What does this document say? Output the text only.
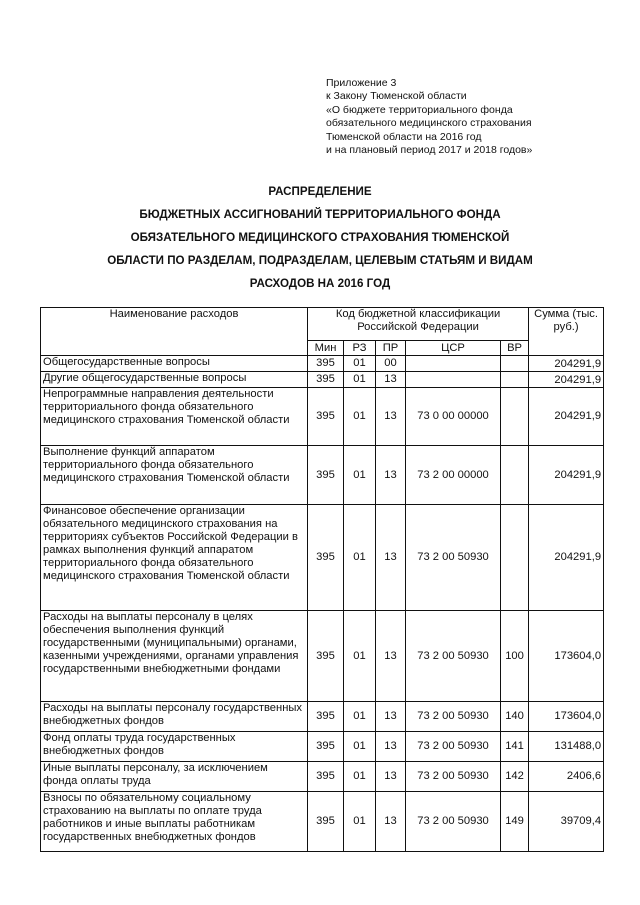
Приложение 3
к Закону Тюменской области
«О бюджете территориального фонда
обязательного медицинского страхования
Тюменской области на 2016 год
и на плановый период 2017 и 2018 годов»
РАСПРЕДЕЛЕНИЕ
БЮДЖЕТНЫХ АССИГНОВАНИЙ ТЕРРИТОРИАЛЬНОГО ФОНДА
ОБЯЗАТЕЛЬНОГО МЕДИЦИНСКОГО СТРАХОВАНИЯ ТЮМЕНСКОЙ
ОБЛАСТИ ПО РАЗДЕЛАМ, ПОДРАЗДЕЛАМ, ЦЕЛЕВЫМ СТАТЬЯМ И ВИДАМ
РАСХОДОВ НА 2016 ГОД
Наименование расходов	Код бюджетной классификации Российской Федерации					Сумма (тыс. руб.)
	Мин	РЗ	ПР	ЦСР	ВР	
Общегосударственные вопросы	395	01	00			204291,9
Другие общегосударственные вопросы	395	01	13			204291,9
Непрограммные направления деятельности территориального фонда обязательного медицинского страхования Тюменской области	395	01	13	73 0 00 00000		204291,9
Выполнение функций аппаратом территориального фонда обязательного медицинского страхования Тюменской области	395	01	13	73 2 00 00000		204291,9
Финансовое обеспечение организации обязательного медицинского страхования на территориях субъектов Российской Федерации в рамках выполнения функций аппаратом территориального фонда обязательного медицинского страхования Тюменской области	395	01	13	73 2 00 50930		204291,9
Расходы на выплаты персоналу в целях обеспечения выполнения функций государственными (муниципальными) органами, казенными учреждениями, органами управления государственными внебюджетными фондами	395	01	13	73 2 00 50930	100	173604,0
Расходы на выплаты персоналу государственных внебюджетных фондов	395	01	13	73 2 00 50930	140	173604,0
Фонд оплаты труда государственных внебюджетных фондов	395	01	13	73 2 00 50930	141	131488,0
Иные выплаты персоналу, за исключением фонда оплаты труда	395	01	13	73 2 00 50930	142	2406,6
Взносы по обязательному социальному страхованию на выплаты по оплате труда работников и иные выплаты работникам государственных внебюджетных фондов	395	01	13	73 2 00 50930	149	39709,4
